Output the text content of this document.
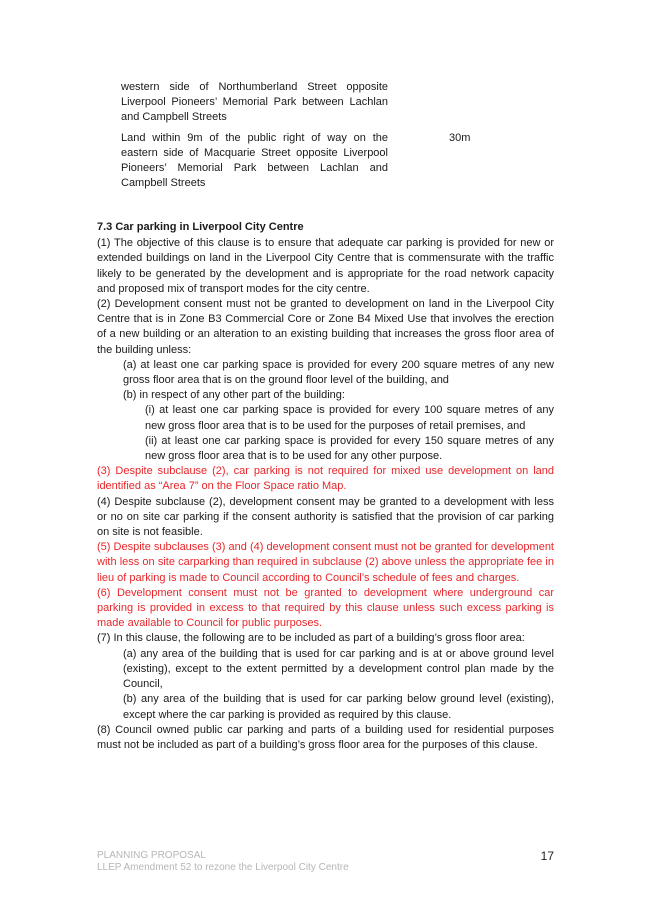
western side of Northumberland Street opposite Liverpool Pioneers’ Memorial Park between Lachlan and Campbell Streets
Land within 9m of the public right of way on the eastern side of Macquarie Street opposite Liverpool Pioneers’ Memorial Park between Lachlan and Campbell Streets
30m

7.3 Car parking in Liverpool City Centre

(1) The objective of this clause is to ensure that adequate car parking is provided for new or extended buildings on land in the Liverpool City Centre that is commensurate with the traffic likely to be generated by the development and is appropriate for the road network capacity and proposed mix of transport modes for the city centre.

(2) Development consent must not be granted to development on land in the Liverpool City Centre that is in Zone B3 Commercial Core or Zone B4 Mixed Use that involves the erection of a new building or an alteration to an existing building that increases the gross floor area of the building unless:

(a) at least one car parking space is provided for every 200 square metres of any new gross floor area that is on the ground floor level of the building, and

(b) in respect of any other part of the building:

(i) at least one car parking space is provided for every 100 square metres of any new gross floor area that is to be used for the purposes of retail premises, and

(ii) at least one car parking space is provided for every 150 square metres of any new gross floor area that is to be used for any other purpose.

(3) Despite subclause (2), car parking is not required for mixed use development on land identified as “Area 7” on the Floor Space ratio Map.

(4) Despite subclause (2), development consent may be granted to a development with less or no on site car parking if the consent authority is satisfied that the provision of car parking on site is not feasible.

(5) Despite subclauses (3) and (4) development consent must not be granted for development with less on site carparking than required in subclause (2) above unless the appropriate fee in lieu of parking is made to Council according to Council’s schedule of fees and charges.

(6) Development consent must not be granted to development where underground car parking is provided in excess to that required by this clause unless such excess parking is made available to Council for public purposes.

(7) In this clause, the following are to be included as part of a building’s gross floor area:

(a) any area of the building that is used for car parking and is at or above ground level (existing), except to the extent permitted by a development control plan made by the Council,

(b) any area of the building that is used for car parking below ground level (existing), except where the car parking is provided as required by this clause.

(8) Council owned public car parking and parts of a building used for residential purposes must not be included as part of a building’s gross floor area for the purposes of this clause.

PLANNING PROPOSAL
LLEP Amendment 52 to rezone the Liverpool City Centre
17
